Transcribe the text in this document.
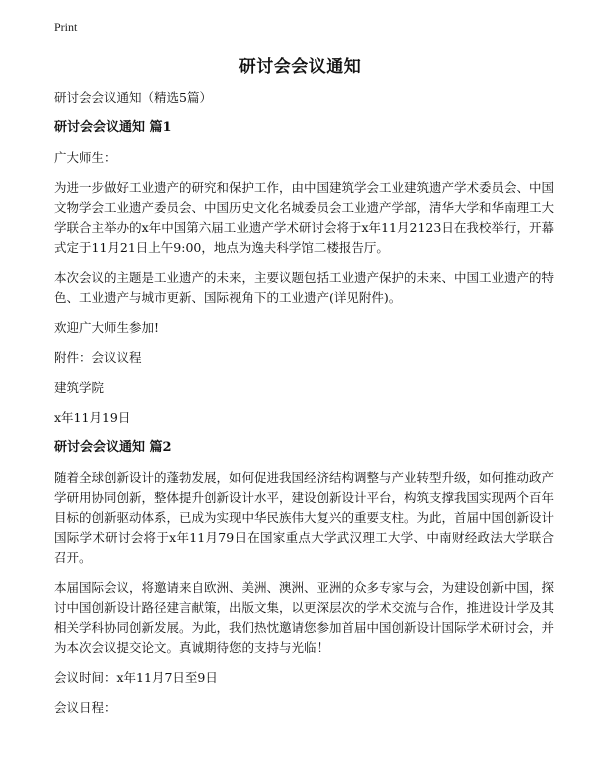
Print
研讨会会议通知

研讨会会议通知（精选5篇）

研讨会会议通知 篇1

广大师生：

为进一步做好工业遗产的研究和保护工作，由中国建筑学会工业建筑遗产学术委员会、中国文物学会工业遗产委员会、中国历史文化名城委员会工业遗产学部，清华大学和华南理工大学联合主举办的x年中国第六届工业遗产学术研讨会将于x年11月2123日在我校举行，开幕式定于11月21日上午9:00，地点为逸夫科学馆二楼报告厅。

本次会议的主题是工业遗产的未来，主要议题包括工业遗产保护的未来、中国工业遗产的特色、工业遗产与城市更新、国际视角下的工业遗产(详见附件)。

欢迎广大师生参加!

附件：会议议程

建筑学院

x年11月19日

研讨会会议通知 篇2

随着全球创新设计的蓬勃发展，如何促进我国经济结构调整与产业转型升级，如何推动政产学研用协同创新，整体提升创新设计水平，建设创新设计平台，构筑支撑我国实现两个百年目标的创新驱动体系，已成为实现中华民族伟大复兴的重要支柱。为此，首届中国创新设计国际学术研讨会将于x年11月79日在国家重点大学武汉理工大学、中南财经政法大学联合召开。

本届国际会议，将邀请来自欧洲、美洲、澳洲、亚洲的众多专家与会，为建设创新中国，探讨中国创新设计路径建言献策，出版文集，以更深层次的学术交流与合作，推进设计学及其相关学科协同创新发展。为此，我们热忱邀请您参加首届中国创新设计国际学术研讨会，并为本次会议提交论文。真诚期待您的支持与光临！

会议时间：x年11月7日至9日

会议日程：
